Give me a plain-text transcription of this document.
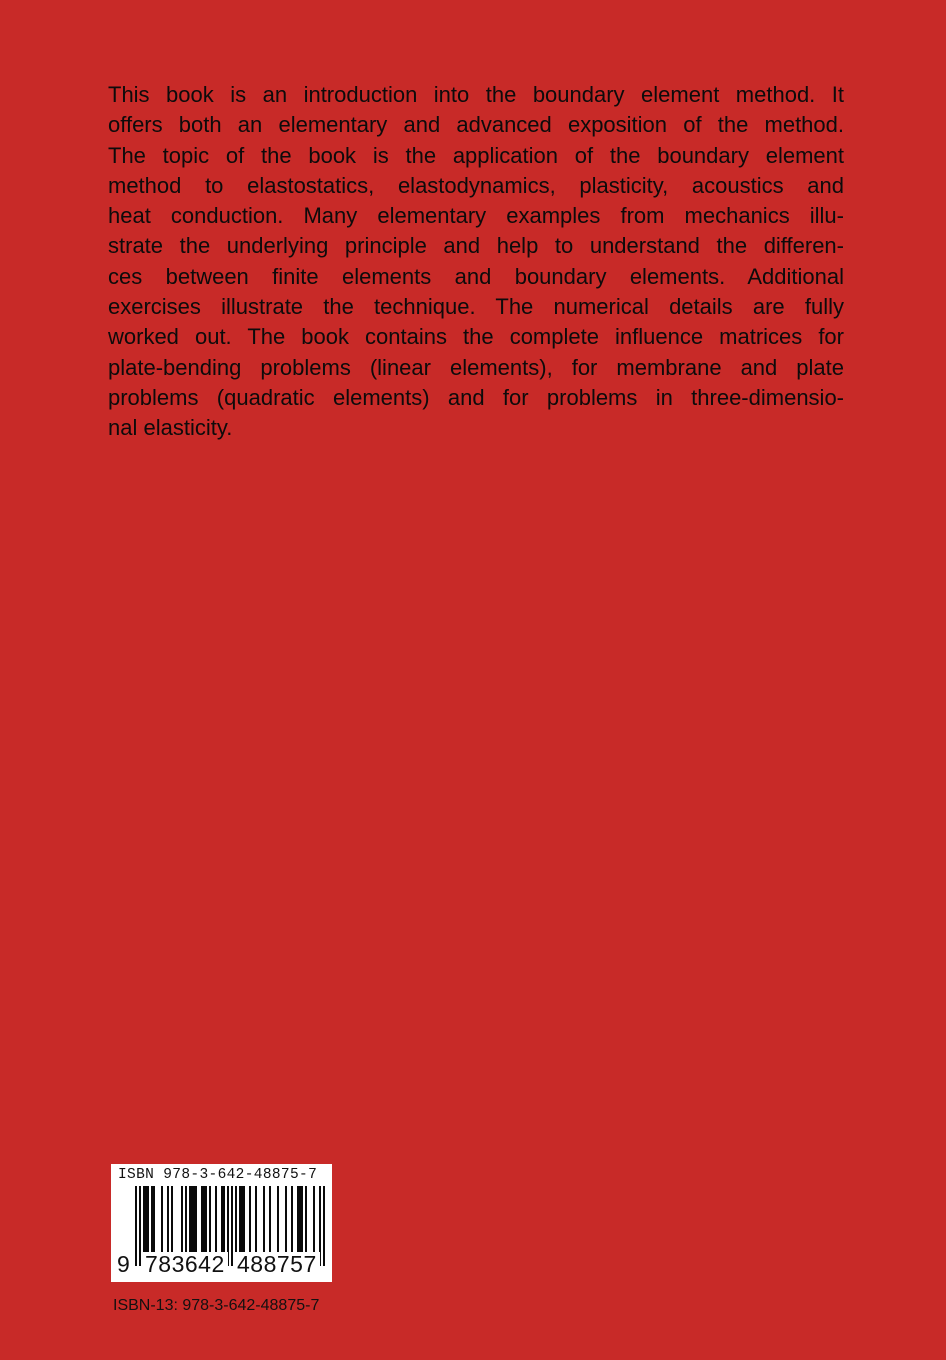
This book is an introduction into the boundary element method. It
offers both an elementary and advanced exposition of the method.
The topic of the book is the application of the boundary element
method to elastostatics, elastodynamics, plasticity, acoustics and
heat conduction. Many elementary examples from mechanics illu-
strate the underlying principle and help to understand the differen-
ces between finite elements and boundary elements. Additional
exercises illustrate the technique. The numerical details are fully
worked out. The book contains the complete influence matrices for
plate-bending problems (linear elements), for membrane and plate
problems (quadratic elements) and for problems in three-dimensio-
nal elasticity.
ISBN 978-3-642-48875-7
9 783642 488757
ISBN-13: 978-3-642-48875-7
